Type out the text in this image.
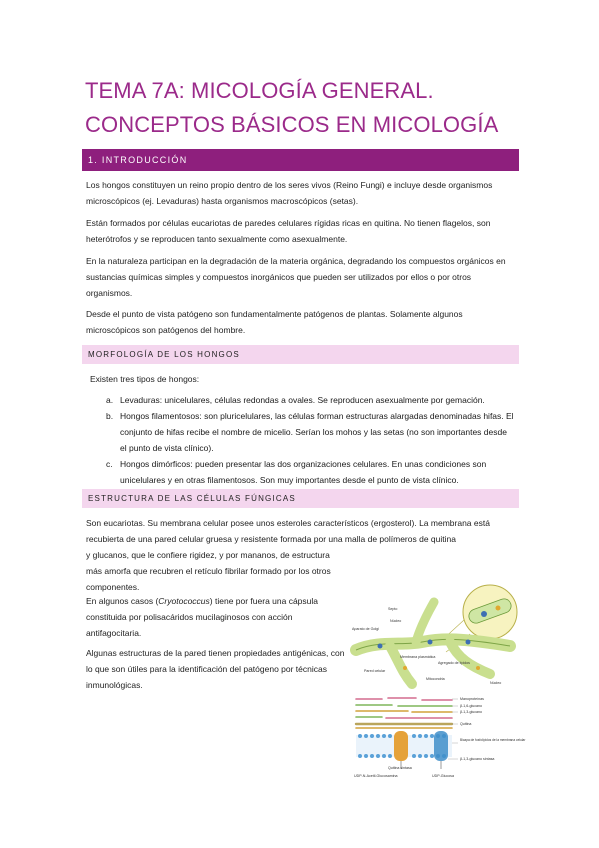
TEMA 7A: MICOLOGÍA GENERAL.
CONCEPTOS BÁSICOS EN MICOLOGÍA
1. INTRODUCCIÓN
Los hongos constituyen un reino propio dentro de los seres vivos (Reino Fungi) e incluye desde organismos microscópicos (ej. Levaduras) hasta organismos macroscópicos (setas).
Están formados por células eucariotas de paredes celulares rígidas ricas en quitina. No tienen flagelos, son heterótrofos y se reproducen tanto sexualmente como asexualmente.
En la naturaleza participan en la degradación de la materia orgánica, degradando los compuestos orgánicos en sustancias químicas simples y compuestos inorgánicos que pueden ser utilizados por ellos o por otros organismos.
Desde el punto de vista patógeno son fundamentalmente patógenos de plantas. Solamente algunos microscópicos son patógenos del hombre.
MORFOLOGÍA DE LOS HONGOS
Existen tres tipos de hongos:
a. Levaduras: unicelulares, células redondas a ovales. Se reproducen asexualmente por gemación.
b. Hongos filamentosos: son pluricelulares, las células forman estructuras alargadas denominadas hifas. El conjunto de hifas recibe el nombre de micelio. Serían los mohos y las setas (no son importantes desde el punto de vista clínico).
c. Hongos dimórficos: pueden presentar las dos organizaciones celulares. En unas condiciones son unicelulares y en otras filamentosos. Son muy importantes desde el punto de vista clínico.
ESTRUCTURA DE LAS CÉLULAS FÚNGICAS
Son eucariotas. Su membrana celular posee unos esteroles característicos (ergosterol). La membrana está recubierta de una pared celular gruesa y resistente formada por una malla de polímeros de quitina
y glucanos, que le confiere rigidez, y por mananos, de estructura más amorfa que recubren el retículo fibrilar formado por los otros componentes.
En algunos casos (Cryotococcus) tiene por fuera una cápsula constituida por polisacáridos mucilaginosos con acción antifagocitaria.
Algunas estructuras de la pared tienen propiedades antigénicas, con lo que son útiles para la identificación del patógeno por técnicas inmunológicas.
Septo
Aparato de Golgi
Núcleo
Membrana plasmática
Pared celular
Agregado de lípidos
Mitocondria
Núcleo
Manoproteínas
β-1,6-glucano
β-1,3-glucano
Quitina
Bicapa de fosfolípidos de la membrana celular
β-1,3-glucano sintasa
Quitina sintasa
UDP-N-Acetil-Glucosamina	UDP-Glucosa
